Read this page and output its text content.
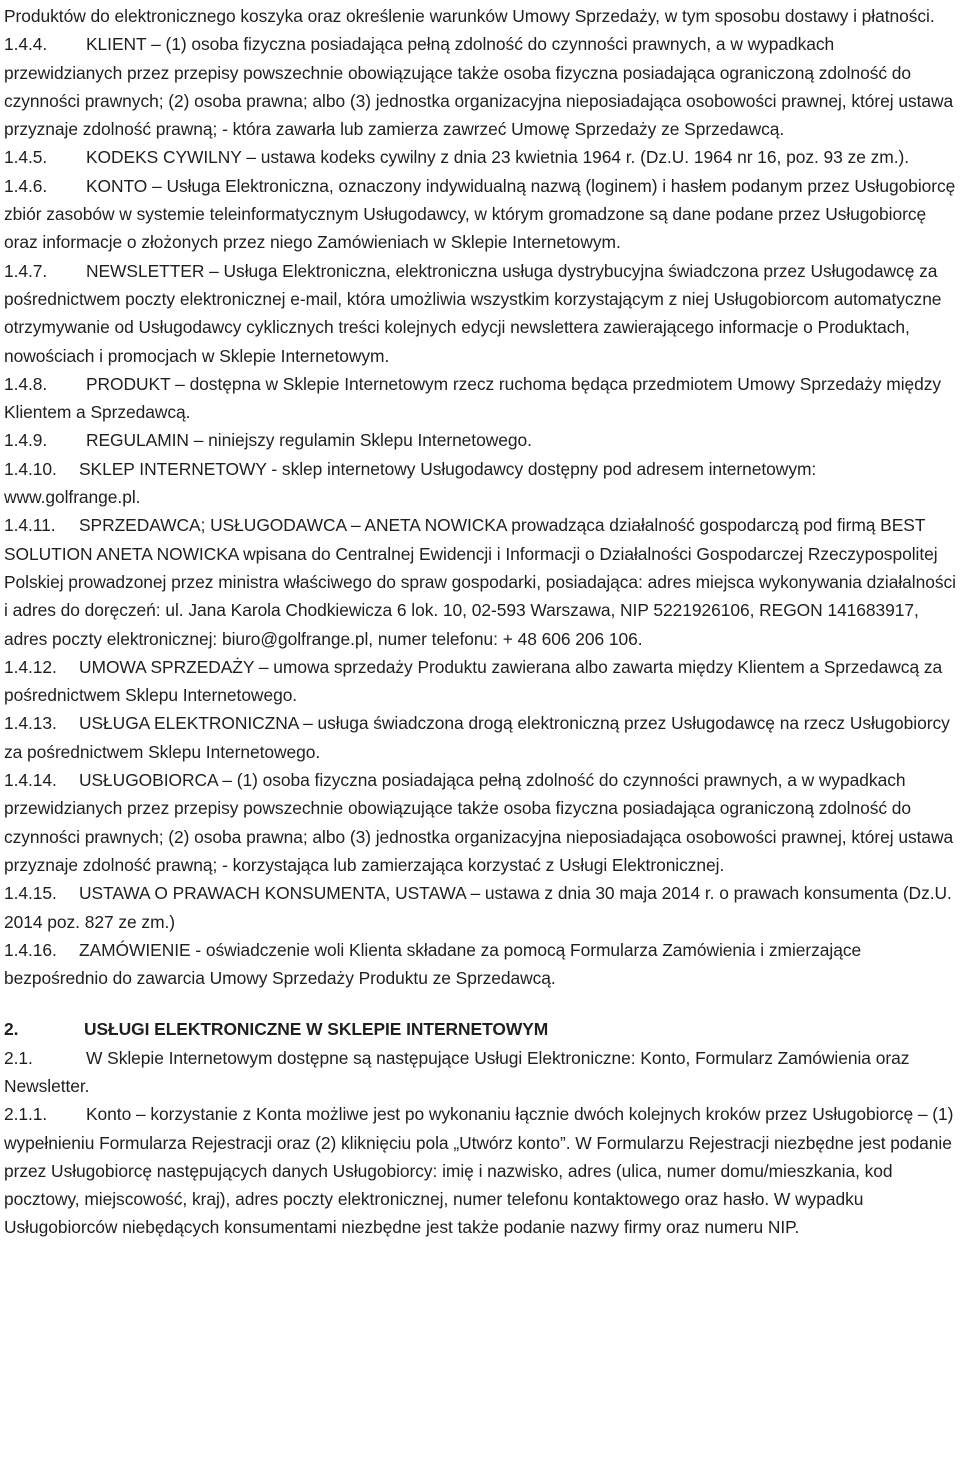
Produktów do elektronicznego koszyka oraz określenie warunków Umowy Sprzedaży, w tym sposobu dostawy i płatności.

1.4.4. KLIENT – (1) osoba fizyczna posiadająca pełną zdolność do czynności prawnych, a w wypadkach przewidzianych przez przepisy powszechnie obowiązujące także osoba fizyczna posiadająca ograniczoną zdolność do czynności prawnych; (2) osoba prawna; albo (3) jednostka organizacyjna nieposiadająca osobowości prawnej, której ustawa przyznaje zdolność prawną; - która zawarła lub zamierza zawrzeć Umowę Sprzedaży ze Sprzedawcą.

1.4.5. KODEKS CYWILNY – ustawa kodeks cywilny z dnia 23 kwietnia 1964 r. (Dz.U. 1964 nr 16, poz. 93 ze zm.).

1.4.6. KONTO – Usługa Elektroniczna, oznaczony indywidualną nazwą (loginem) i hasłem podanym przez Usługobiorcę zbiór zasobów w systemie teleinformatycznym Usługodawcy, w którym gromadzone są dane podane przez Usługobiorcę oraz informacje o złożonych przez niego Zamówieniach w Sklepie Internetowym.

1.4.7. NEWSLETTER – Usługa Elektroniczna, elektroniczna usługa dystrybucyjna świadczona przez Usługodawcę za pośrednictwem poczty elektronicznej e-mail, która umożliwia wszystkim korzystającym z niej Usługobiorcom automatyczne otrzymywanie od Usługodawcy cyklicznych treści kolejnych edycji newslettera zawierającego informacje o Produktach, nowościach i promocjach w Sklepie Internetowym.

1.4.8. PRODUKT – dostępna w Sklepie Internetowym rzecz ruchoma będąca przedmiotem Umowy Sprzedaży między Klientem a Sprzedawcą.

1.4.9. REGULAMIN – niniejszy regulamin Sklepu Internetowego.

1.4.10. SKLEP INTERNETOWY - sklep internetowy Usługodawcy dostępny pod adresem internetowym: www.golfrange.pl.

1.4.11. SPRZEDAWCA; USŁUGODAWCA – ANETA NOWICKA prowadząca działalność gospodarczą pod firmą BEST SOLUTION ANETA NOWICKA wpisana do Centralnej Ewidencji i Informacji o Działalności Gospodarczej Rzeczypospolitej Polskiej prowadzonej przez ministra właściwego do spraw gospodarki, posiadająca: adres miejsca wykonywania działalności i adres do doręczeń: ul. Jana Karola Chodkiewicza 6 lok. 10, 02-593 Warszawa, NIP 5221926106, REGON 141683917, adres poczty elektronicznej: biuro@golfrange.pl, numer telefonu: + 48 606 206 106.

1.4.12. UMOWA SPRZEDAŻY – umowa sprzedaży Produktu zawierana albo zawarta między Klientem a Sprzedawcą za pośrednictwem Sklepu Internetowego.

1.4.13. USŁUGA ELEKTRONICZNA – usługa świadczona drogą elektroniczną przez Usługodawcę na rzecz Usługobiorcy za pośrednictwem Sklepu Internetowego.

1.4.14. USŁUGOBIORCA – (1) osoba fizyczna posiadająca pełną zdolność do czynności prawnych, a w wypadkach przewidzianych przez przepisy powszechnie obowiązujące także osoba fizyczna posiadająca ograniczoną zdolność do czynności prawnych; (2) osoba prawna; albo (3) jednostka organizacyjna nieposiadająca osobowości prawnej, której ustawa przyznaje zdolność prawną; - korzystająca lub zamierzająca korzystać z Usługi Elektronicznej.

1.4.15. USTAWA O PRAWACH KONSUMENTA, USTAWA – ustawa z dnia 30 maja 2014 r. o prawach konsumenta (Dz.U. 2014 poz. 827 ze zm.)

1.4.16. ZAMÓWIENIE - oświadczenie woli Klienta składane za pomocą Formularza Zamówienia i zmierzające bezpośrednio do zawarcia Umowy Sprzedaży Produktu ze Sprzedawcą.

2.	USŁUGI ELEKTRONICZNE W SKLEPIE INTERNETOWYM

2.1.	W Sklepie Internetowym dostępne są następujące Usługi Elektroniczne: Konto, Formularz Zamówienia oraz Newsletter.

2.1.1. Konto – korzystanie z Konta możliwe jest po wykonaniu łącznie dwóch kolejnych kroków przez Usługobiorcę – (1) wypełnieniu Formularza Rejestracji oraz (2) kliknięciu pola „Utwórz konto”. W Formularzu Rejestracji niezbędne jest podanie przez Usługobiorcę następujących danych Usługobiorcy: imię i nazwisko, adres (ulica, numer domu/mieszkania, kod pocztowy, miejscowość, kraj), adres poczty elektronicznej, numer telefonu kontaktowego oraz hasło. W wypadku Usługobiorców niebędących konsumentami niezbędne jest także podanie nazwy firmy oraz numeru NIP.
